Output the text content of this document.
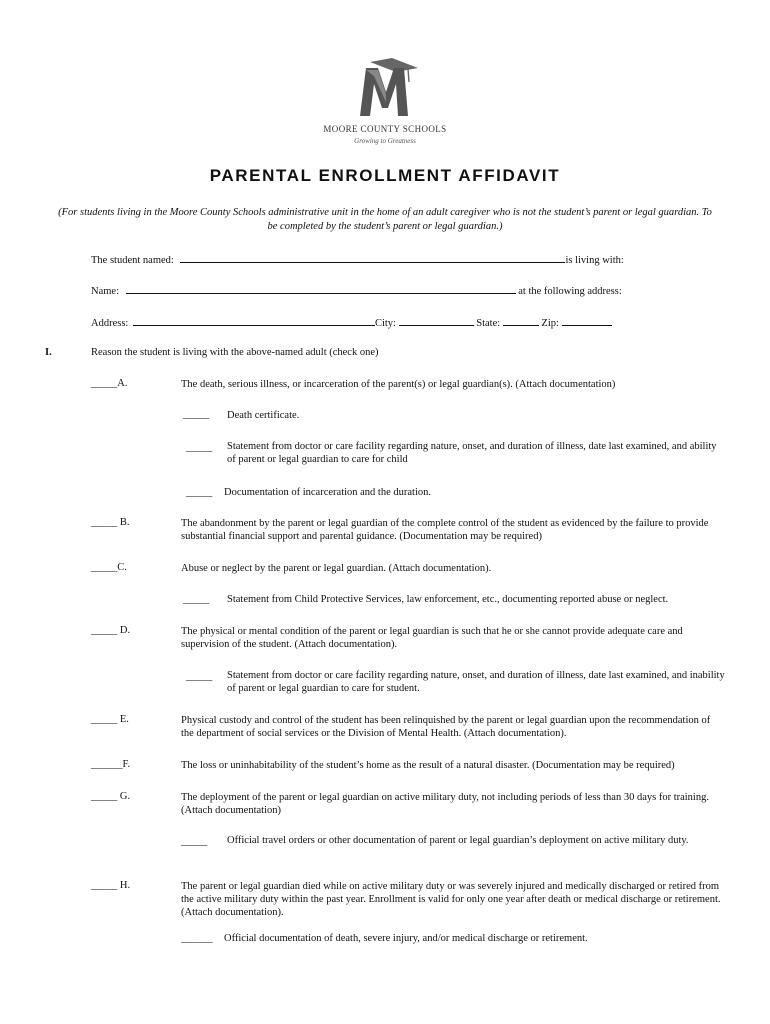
MOORE COUNTY SCHOOLS
Growing to Greatness
PARENTAL ENROLLMENT AFFIDAVIT
(For students living in the Moore County Schools administrative unit in the home of an adult caregiver who is not the student’s parent or legal guardian. To be completed by the student’s parent or legal guardian.)
The student named:	is living with:
Name:	at the following address:
Address:	City:	State:	Zip:
I.	Reason the student is living with the above-named adult (check one)
_____A.	The death, serious illness, or incarceration of the parent(s) or legal guardian(s). (Attach documentation)
_____ Death certificate.
_____ Statement from doctor or care facility regarding nature, onset, and duration of illness, date last examined, and ability of parent or legal guardian to care for child
_____ Documentation of incarceration and the duration.
_____ B.	The abandonment by the parent or legal guardian of the complete control of the student as evidenced by the failure to provide substantial financial support and parental guidance. (Documentation may be required)
_____C.	Abuse or neglect by the parent or legal guardian. (Attach documentation).
_____ Statement from Child Protective Services, law enforcement, etc., documenting reported abuse or neglect.
_____ D.	The physical or mental condition of the parent or legal guardian is such that he or she cannot provide adequate care and supervision of the student. (Attach documentation).
_____ Statement from doctor or care facility regarding nature, onset, and duration of illness, date last examined, and inability of parent or legal guardian to care for student.
_____ E.	Physical custody and control of the student has been relinquished by the parent or legal guardian upon the recommendation of the department of social services or the Division of Mental Health. (Attach documentation).
______F.	The loss or uninhabitability of the student’s home as the result of a natural disaster. (Documentation may be required)
_____ G.	The deployment of the parent or legal guardian on active military duty, not including periods of less than 30 days for training. (Attach documentation)
_____ Official travel orders or other documentation of parent or legal guardian’s deployment on active military duty.
_____ H.	The parent or legal guardian died while on active military duty or was severely injured and medically discharged or retired from the active military duty within the past year. Enrollment is valid for only one year after death or medical discharge or retirement. (Attach documentation).
______ Official documentation of death, severe injury, and/or medical discharge or retirement.
